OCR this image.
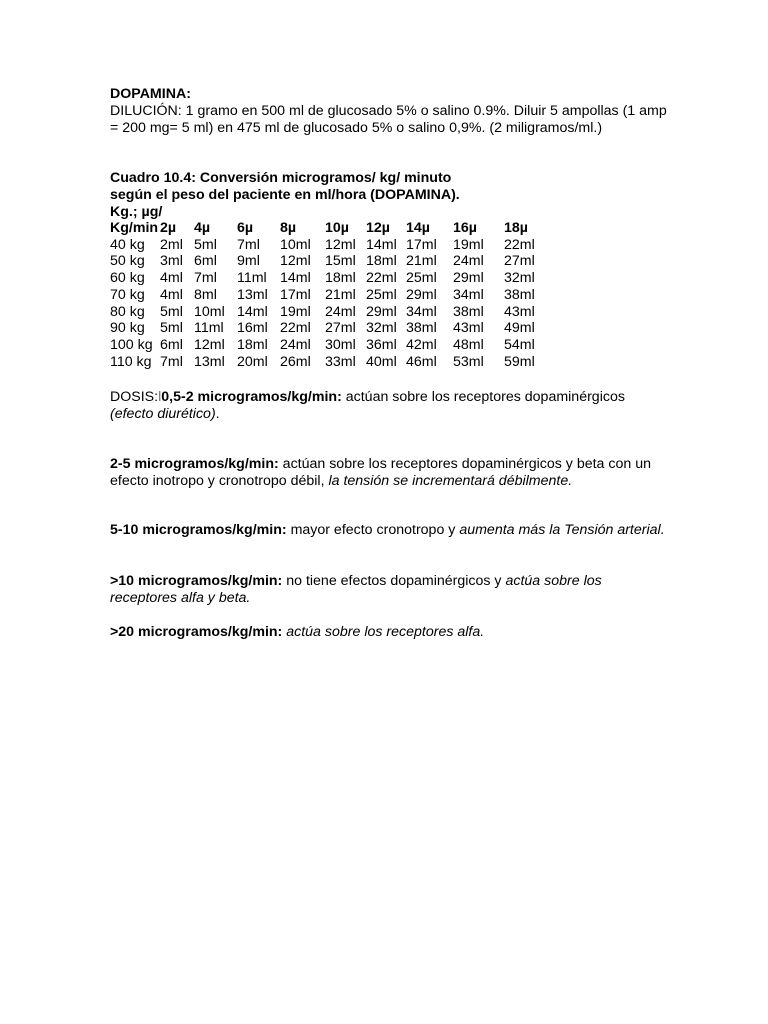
DOPAMINA:
DILUCIÓN: 1 gramo en 500 ml de glucosado 5% o salino 0.9%. Diluir 5 ampollas (1 amp = 200 mg= 5 ml) en 475 ml de glucosado 5% o salino 0,9%. (2 miligramos/ml.)
Cuadro 10.4: Conversión microgramos/ kg/ minuto
según el peso del paciente en ml/hora (DOPAMINA).
Kg.; µg/
Kg/min	2µ	4µ	6µ	8µ	10µ	12µ	14µ	16µ	18µ
40 kg	2ml	5ml	7ml	10ml	12ml	14ml	17ml	19ml	22ml
50 kg	3ml	6ml	9ml	12ml	15ml	18ml	21ml	24ml	27ml
60 kg	4ml	7ml	11ml	14ml	18ml	22ml	25ml	29ml	32ml
70 kg	4ml	8ml	13ml	17ml	21ml	25ml	29ml	34ml	38ml
80 kg	5ml	10ml	14ml	19ml	24ml	29ml	34ml	38ml	43ml
90 kg	5ml	11ml	16ml	22ml	27ml	32ml	38ml	43ml	49ml
100 kg	6ml	12ml	18ml	24ml	30ml	36ml	42ml	48ml	54ml
110 kg	7ml	13ml	20ml	26ml	33ml	40ml	46ml	53ml	59ml
DOSIS:l0,5-2 microgramos/kg/min: actúan sobre los receptores dopaminérgicos
(efecto diurético).
2-5 microgramos/kg/min: actúan sobre los receptores dopaminérgicos y beta con un efecto inotropo y cronotropo débil, la tensión se incrementará débilmente.
5-10 microgramos/kg/min: mayor efecto cronotropo y aumenta más la Tensión arterial.
>10 microgramos/kg/min: no tiene efectos dopaminérgicos y actúa sobre los receptores alfa y beta.
>20 microgramos/kg/min: actúa sobre los receptores alfa.
